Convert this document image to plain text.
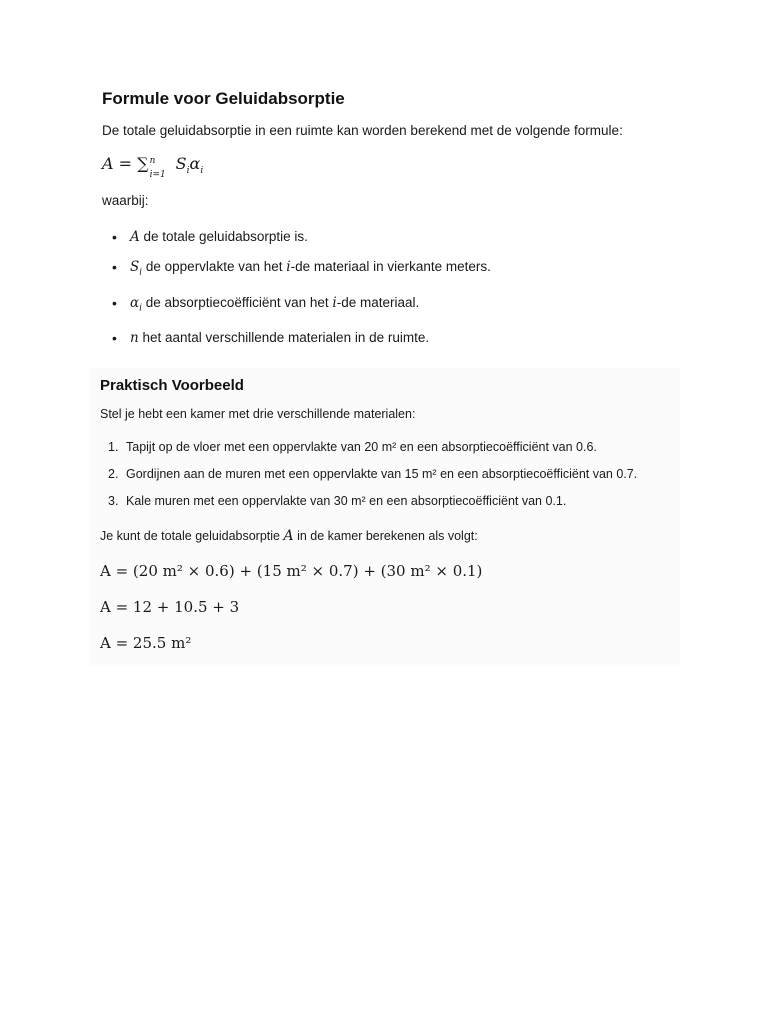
Formule voor Geluidabsorptie

De totale geluidabsorptie in een ruimte kan worden berekend met de volgende formule:

A = ∑ n
i=1
$S_i\alpha_i$

waarbij:

• A de totale geluidabsorptie is.
• $S_i$ de oppervlakte van het i-de materiaal in vierkante meters.
• $\alpha_i$ de absorptiecoëfficiënt van het i-de materiaal.
• n het aantal verschillende materialen in de ruimte.
Praktisch Voorbeeld

Stel je hebt een kamer met drie verschillende materialen:

1. Tapijt op de vloer met een oppervlakte van 20 m² en een absorptiecoëfficiënt van 0.6.
2. Gordijnen aan de muren met een oppervlakte van 15 m² en een absorptiecoëfficiënt van 0.7.
3. Kale muren met een oppervlakte van 30 m² en een absorptiecoëfficiënt van 0.1.

Je kunt de totale geluidabsorptie A in de kamer berekenen als volgt:

A = (20 m² × 0.6) + (15 m² × 0.7) + (30 m² × 0.1)

A = 12 + 10.5 + 3

A = 25.5 m²
